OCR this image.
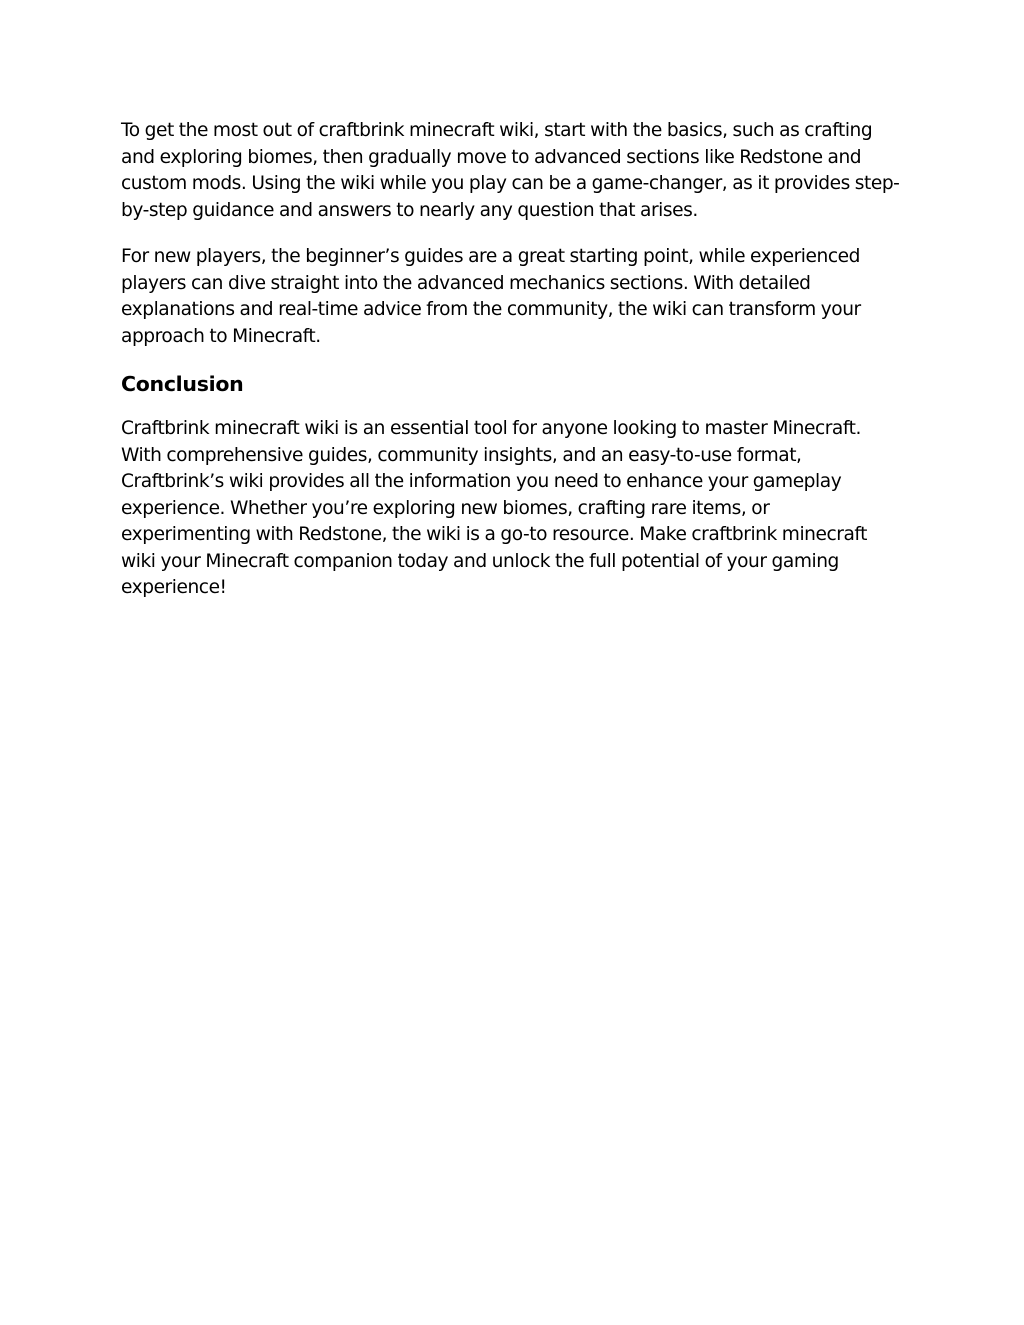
To get the most out of craftbrink minecraft wiki, start with the basics, such as crafting and exploring biomes, then gradually move to advanced sections like Redstone and custom mods. Using the wiki while you play can be a game-changer, as it provides step-by-step guidance and answers to nearly any question that arises.

For new players, the beginner’s guides are a great starting point, while experienced players can dive straight into the advanced mechanics sections. With detailed explanations and real-time advice from the community, the wiki can transform your approach to Minecraft.

Conclusion

Craftbrink minecraft wiki is an essential tool for anyone looking to master Minecraft. With comprehensive guides, community insights, and an easy-to-use format, Craftbrink’s wiki provides all the information you need to enhance your gameplay experience. Whether you’re exploring new biomes, crafting rare items, or experimenting with Redstone, the wiki is a go-to resource. Make craftbrink minecraft wiki your Minecraft companion today and unlock the full potential of your gaming experience!
